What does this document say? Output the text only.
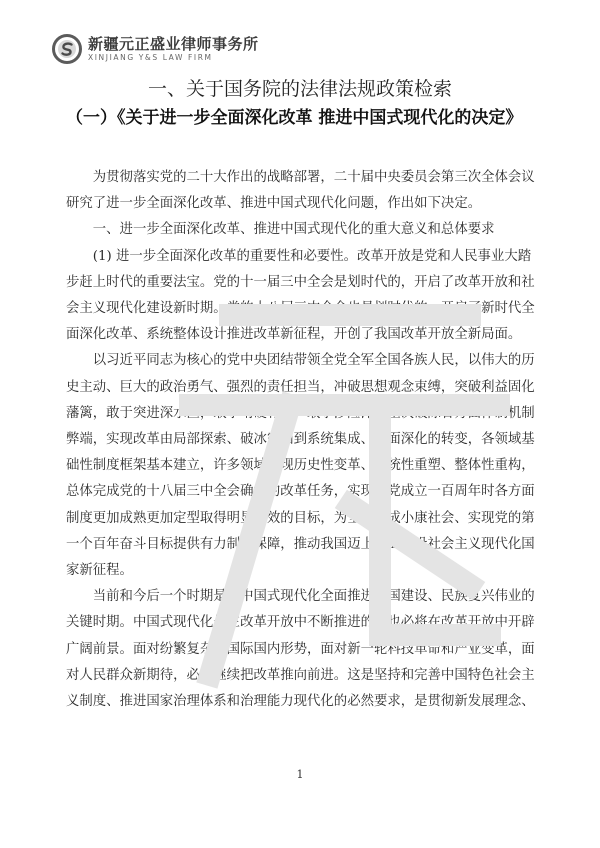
新疆元正盛业律师事务所
XINJIANG Y&S LAW FIRM
一、关于国务院的法律法规政策检索
（一）《关于进一步全面深化改革 推进中国式现代化的决定》

　　为贯彻落实党的二十大作出的战略部署，二十届中央委员会第三次全体会议

研究了进一步全面深化改革、推进中国式现代化问题，作出如下决定。

　　一、进一步全面深化改革、推进中国式现代化的重大意义和总体要求

　　(1) 进一步全面深化改革的重要性和必要性。改革开放是党和人民事业大踏

步赶上时代的重要法宝。党的十一届三中全会是划时代的，开启了改革开放和社

会主义现代化建设新时期。党的十八届三中全会也是划时代的，开启了新时代全

面深化改革、系统整体设计推进改革新征程，开创了我国改革开放全新局面。

　　以习近平同志为核心的党中央团结带领全党全军全国各族人民，以伟大的历

史主动、巨大的政治勇气、强烈的责任担当，冲破思想观念束缚，突破利益固化

藩篱，敢于突进深水区，敢于啃硬骨头，敢于涉险滩，坚决破除各方面体制机制

弊端，实现改革由局部探索、破冰突围到系统集成、全面深化的转变，各领域基

础性制度框架基本建立，许多领域实现历史性变革、系统性重塑、整体性重构，

总体完成党的十八届三中全会确定的改革任务，实现到党成立一百周年时各方面

制度更加成熟更加定型取得明显成效的目标，为全面建成小康社会、实现党的第

一个百年奋斗目标提供有力制度保障，推动我国迈上全面建设社会主义现代化国

家新征程。

　　当前和今后一个时期是以中国式现代化全面推进强国建设、民族复兴伟业的

关键时期。中国式现代化是在改革开放中不断推进的，也必将在改革开放中开辟

广阔前景。面对纷繁复杂的国际国内形势，面对新一轮科技革命和产业变革，面

对人民群众新期待，必须继续把改革推向前进。这是坚持和完善中国特色社会主

义制度、推进国家治理体系和治理能力现代化的必然要求，是贯彻新发展理念、

1
